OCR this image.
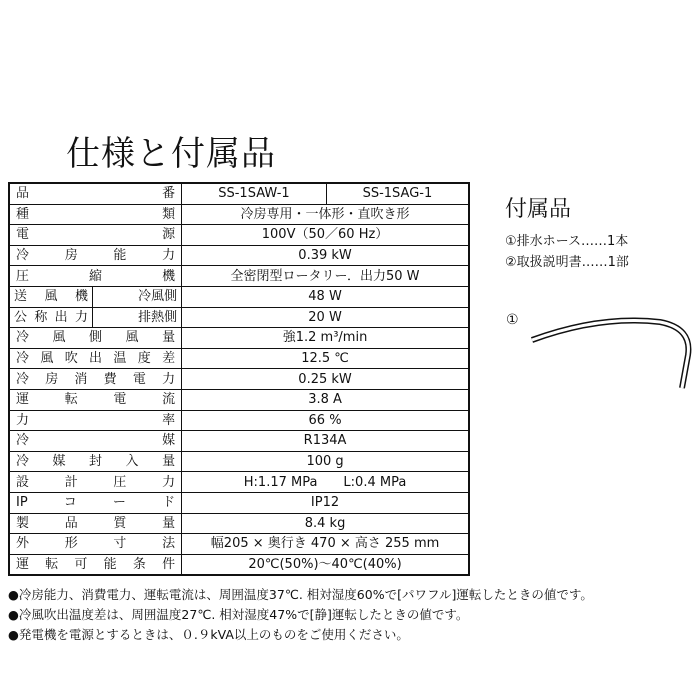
仕様と付属品
品番		SS-1SAW-1	SS-1SAG-1
種類		冷房専用・一体形・直吹き形	
電源		100V（50／60 Hz）	
冷房能力		0.39 kW	
圧縮機		全密閉型ロータリー．出力50 W	
送風機	冷風側	48 W	
公称出力	排熱側	20 W	
冷風側風量		強1.2 m³/min	
冷風吹出温度差		12.5 ℃	
冷房消費電力		0.25 kW	
運転電流		3.8 A	
力率		66 %	
冷媒		R134A	
冷媒封入量		100 g	
設計圧力		H:1.17 MPa　　L:0.4 MPa	
IPコード		IP12	
製品質量		8.4 kg	
外形寸法		幅205 × 奥行き 470 × 高さ 255 mm	
運転可能条件		20℃(50%)〜40℃(40%)	
●冷房能力、消費電力、運転電流は、周囲温度37℃. 相対湿度60%で[パワフル]運転したときの値です。
●冷風吹出温度差は、周囲温度27℃. 相対湿度47%で[静]運転したときの値です。
●発電機を電源とするときは、０.９kVA以上のものをご使用ください。
付属品
①排水ホース……1本
②取扱説明書……1部
①
